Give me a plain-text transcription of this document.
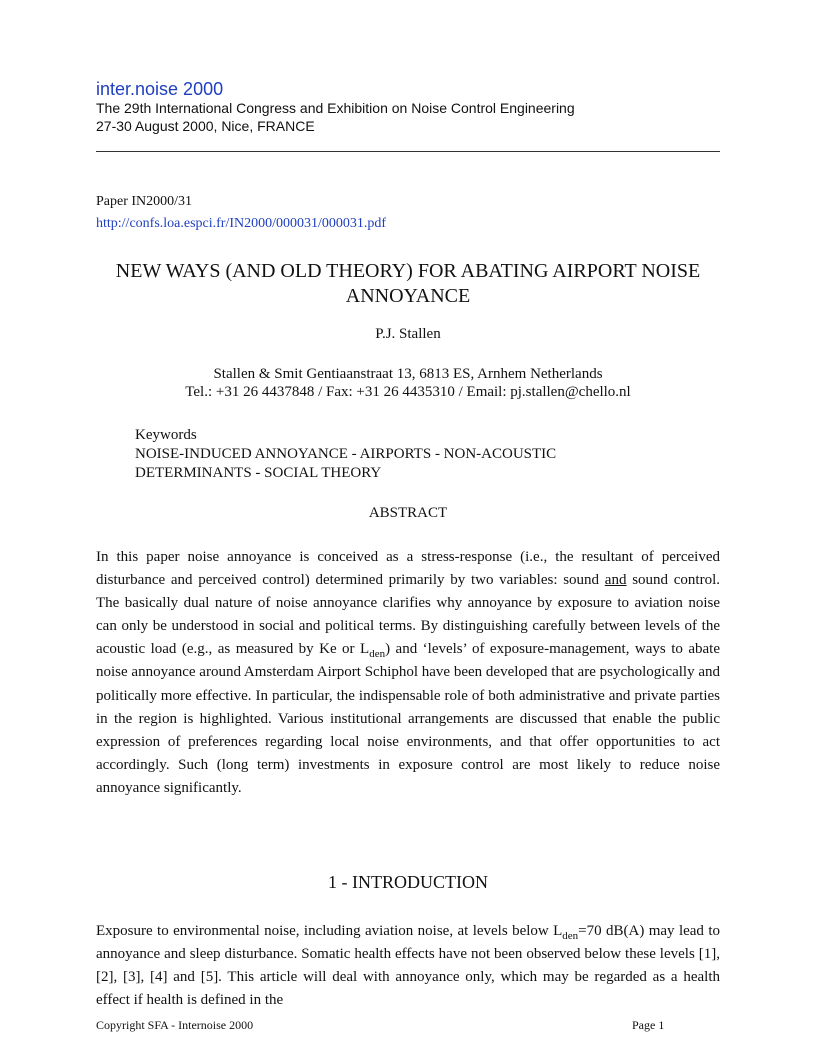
inter.noise 2000

The 29th International Congress and Exhibition on Noise Control Engineering

27-30 August 2000, Nice, FRANCE

Paper IN2000/31
http://confs.loa.espci.fr/IN2000/000031/000031.pdf
NEW WAYS (AND OLD THEORY) FOR ABATING AIRPORT NOISE ANNOYANCE
P.J. Stallen
Stallen & Smit Gentiaanstraat 13, 6813 ES, Arnhem Netherlands
Tel.: +31 26 4437848 / Fax: +31 26 4435310 / Email: pj.stallen@chello.nl
Keywords
NOISE-INDUCED ANNOYANCE - AIRPORTS - NON-ACOUSTIC
DETERMINANTS - SOCIAL THEORY
ABSTRACT

In this paper noise annoyance is conceived as a stress-response (i.e., the resultant of perceived disturbance and perceived control) determined primarily by two variables: sound and sound control. The basically dual nature of noise annoyance clarifies why annoyance by exposure to aviation noise can only be understood in social and political terms. By distinguishing carefully between levels of the acoustic load (e.g., as measured by Ke or $L_{den}$) and ‘levels’ of exposure-management, ways to abate noise annoyance around Amsterdam Airport Schiphol have been developed that are psychologically and politically more effective. In particular, the indispensable role of both administrative and private parties in the region is highlighted. Various institutional arrangements are discussed that enable the public expression of preferences regarding local noise environments, and that offer opportunities to act accordingly. Such (long term) investments in exposure control are most likely to reduce noise annoyance significantly.

1 - INTRODUCTION

Exposure to environmental noise, including aviation noise, at levels below $L_{den}=70$ dB(A) may lead to annoyance and sleep disturbance. Somatic health effects have not been observed below these levels [1], [2], [3], [4] and [5]. This article will deal with annoyance only, which may be regarded as a health effect if health is defined in the

Copyright SFA - Internoise 2000	Page 1
